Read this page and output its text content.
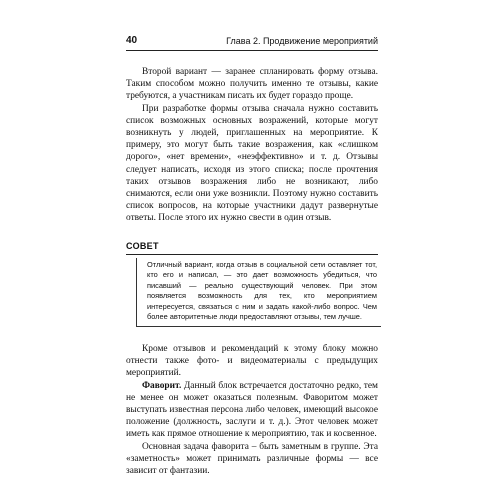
40	Глава 2. Продвижение мероприятий

Второй вариант — заранее спланировать форму отзыва. Таким способом можно получить именно те отзывы, какие требуются, а участникам писать их будет гораздо проще.

При разработке формы отзыва сначала нужно составить список возможных основных возражений, которые могут возникнуть у людей, приглашенных на мероприятие. К примеру, это могут быть такие возражения, как «слишком дорого», «нет времени», «неэффективно» и т. д. Отзывы следует написать, исходя из этого списка; после прочтения таких отзывов возражения либо не возникают, либо снимаются, если они уже возникли. Поэтому нужно составить список вопросов, на которые участники дадут развернутые ответы. После этого их нужно свести в один отзыв.

СОВЕТ
Отличный вариант, когда отзыв в социальной сети оставляет тот, кто его и написал, — это дает возможность убедиться, что писавший — реально существующий человек. При этом появляется возможность для тех, кто мероприятием интересуется, связаться с ним и задать какой-либо вопрос. Чем более авторитетные люди предоставляют отзывы, тем лучше.

Кроме отзывов и рекомендаций к этому блоку можно отнести также фото- и видеоматериалы с предыдущих мероприятий.

Фаворит. Данный блок встречается достаточно редко, тем не менее он может оказаться полезным. Фаворитом может выступать известная персона либо человек, имеющий высокое положение (должность, заслуги и т. д.). Этот человек может иметь как прямое отношение к мероприятию, так и косвенное.

Основная задача фаворита – быть заметным в группе. Эта «заметность» может принимать различные формы — все зависит от фантазии.
